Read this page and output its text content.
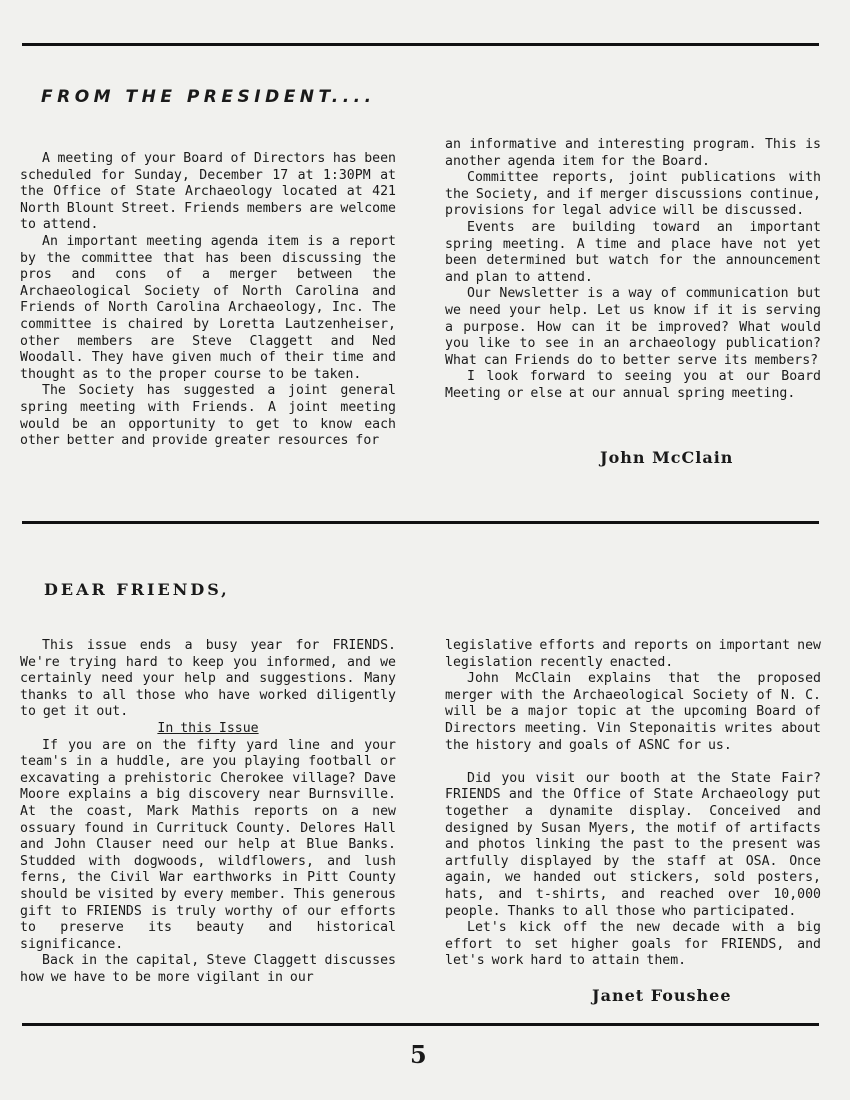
FROM THE PRESIDENT....

A meeting of your Board of Directors has been scheduled for Sunday, December 17 at 1:30PM at the Office of State Archaeology located at 421 North Blount Street. Friends members are welcome to attend.

An important meeting agenda item is a report by the committee that has been discussing the pros and cons of a merger between the Archaeological Society of North Carolina and Friends of North Carolina Archaeology, Inc. The committee is chaired by Loretta Lautzenheiser, other members are Steve Claggett and Ned Woodall. They have given much of their time and thought as to the proper course to be taken.

The Society has suggested a joint general spring meeting with Friends. A joint meeting would be an opportunity to get to know each other better and provide greater resources for

an informative and interesting program. This is another agenda item for the Board.

Committee reports, joint publications with the Society, and if merger discussions continue, provisions for legal advice will be discussed.

Events are building toward an important spring meeting. A time and place have not yet been determined but watch for the announcement and plan to attend.

Our Newsletter is a way of communication but we need your help. Let us know if it is serving a purpose. How can it be improved? What would you like to see in an archaeology publication? What can Friends do to better serve its members?

I look forward to seeing you at our Board Meeting or else at our annual spring meeting.

John McClain
DEAR FRIENDS,

This issue ends a busy year for FRIENDS. We're trying hard to keep you informed, and we certainly need your help and suggestions. Many thanks to all those who have worked diligently to get it out.

In this Issue

If you are on the fifty yard line and your team's in a huddle, are you playing football or excavating a prehistoric Cherokee village? Dave Moore explains a big discovery near Burnsville. At the coast, Mark Mathis reports on a new ossuary found in Currituck County. Delores Hall and John Clauser need our help at Blue Banks. Studded with dogwoods, wildflowers, and lush ferns, the Civil War earthworks in Pitt County should be visited by every member. This generous gift to FRIENDS is truly worthy of our efforts to preserve its beauty and historical significance.

Back in the capital, Steve Claggett discusses how we have to be more vigilant in our

legislative efforts and reports on important new legislation recently enacted.

John McClain explains that the proposed merger with the Archaeological Society of N. C. will be a major topic at the upcoming Board of Directors meeting. Vin Steponaitis writes about the history and goals of ASNC for us.

Did you visit our booth at the State Fair? FRIENDS and the Office of State Archaeology put together a dynamite display. Conceived and designed by Susan Myers, the motif of artifacts and photos linking the past to the present was artfully displayed by the staff at OSA. Once again, we handed out stickers, sold posters, hats, and t-shirts, and reached over 10,000 people. Thanks to all those who participated.

Let's kick off the new decade with a big effort to set higher goals for FRIENDS, and let's work hard to attain them.

Janet Foushee
5
